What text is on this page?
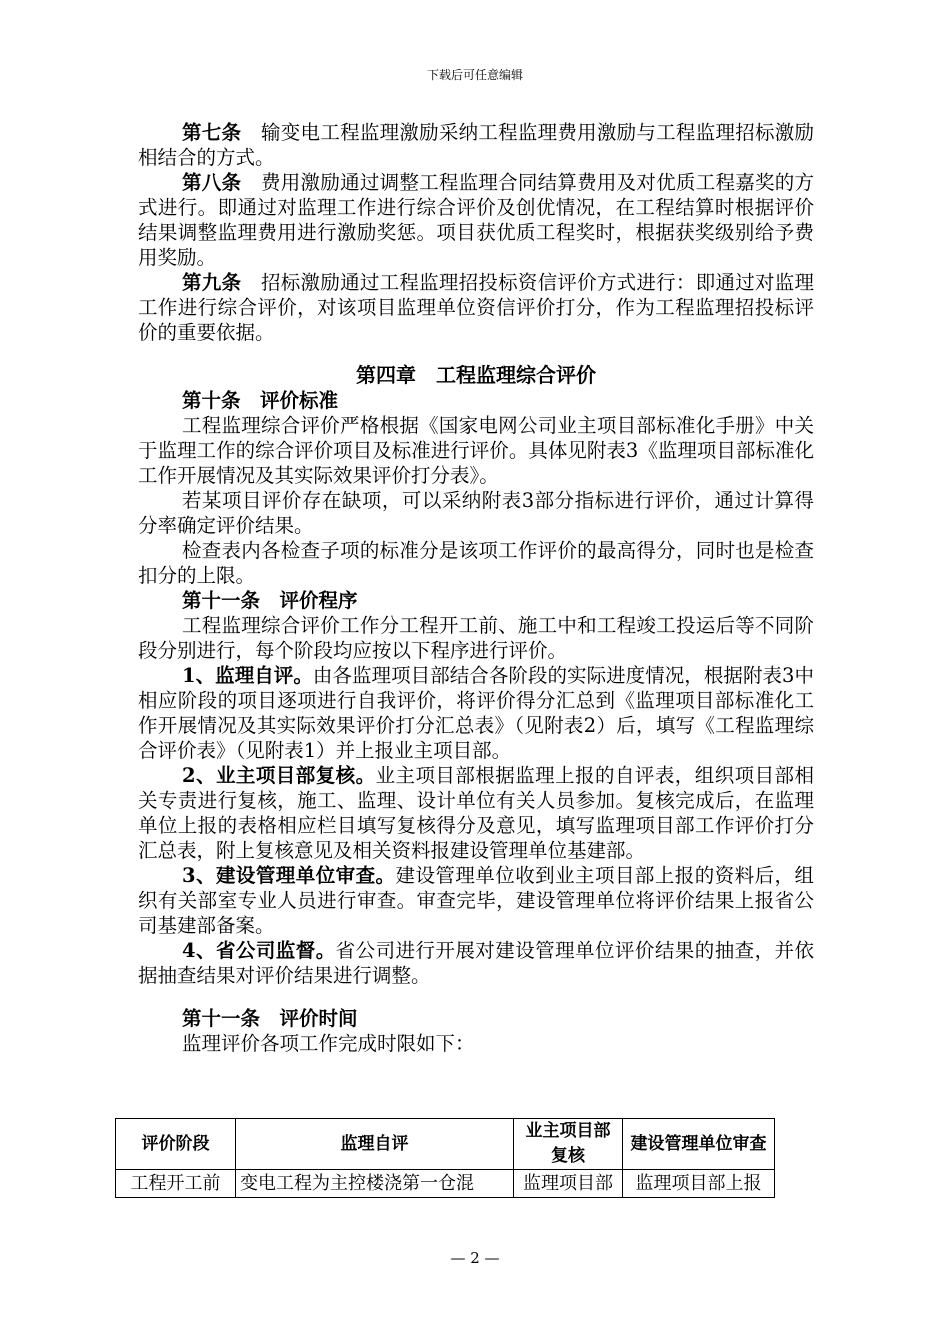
下载后可任意编辑

第七条　 输变电工程监理激励采纳工程监理费用激励与工程监理招标激励相结合的方式。

第八条　 费用激励通过调整工程监理合同结算费用及对优质工程嘉奖的方式进行。即通过对监理工作进行综合评价及创优情况，在工程结算时根据评价结果调整监理费用进行激励奖惩。项目获优质工程奖时，根据获奖级别给予费用奖励。

第九条　 招标激励通过工程监理招投标资信评价方式进行：即通过对监理工作进行综合评价，对该项目监理单位资信评价打分，作为工程监理招投标评价的重要依据。

第四章　工程监理综合评价

第十条　评价标准

工程监理综合评价严格根据《国家电网公司业主项目部标准化手册》中关于监理工作的综合评价项目及标准进行评价。具体见附表3《监理项目部标准化工作开展情况及其实际效果评价打分表》。

若某项目评价存在缺项，可以采纳附表3部分指标进行评价，通过计算得分率确定评价结果。

检查表内各检查子项的标准分是该项工作评价的最高得分，同时也是检查扣分的上限。

第十一条　评价程序

工程监理综合评价工作分工程开工前、施工中和工程竣工投运后等不同阶段分别进行，每个阶段均应按以下程序进行评价。

1、监理自评。由各监理项目部结合各阶段的实际进度情况，根据附表3中相应阶段的项目逐项进行自我评价，将评价得分汇总到《监理项目部标准化工作开展情况及其实际效果评价打分汇总表》（见附表2）后，填写《工程监理综合评价表》（见附表1）并上报业主项目部。

2、业主项目部复核。业主项目部根据监理上报的自评表，组织项目部相关专责进行复核，施工、监理、设计单位有关人员参加。复核完成后，在监理单位上报的表格相应栏目填写复核得分及意见，填写监理项目部工作评价打分汇总表，附上复核意见及相关资料报建设管理单位基建部。

3、建设管理单位审查。建设管理单位收到业主项目部上报的资料后，组织有关部室专业人员进行审查。审查完毕，建设管理单位将评价结果上报省公司基建部备案。

4、省公司监督。省公司进行开展对建设管理单位评价结果的抽查，并依据抽查结果对评价结果进行调整。

第十一条　评价时间

监理评价各项工作完成时限如下：

评价阶段	监理自评	业主项目部复核	建设管理单位审查
工程开工前	变电工程为主控楼浇第一仓混	监理项目部	监理项目部上报
— 2 —
